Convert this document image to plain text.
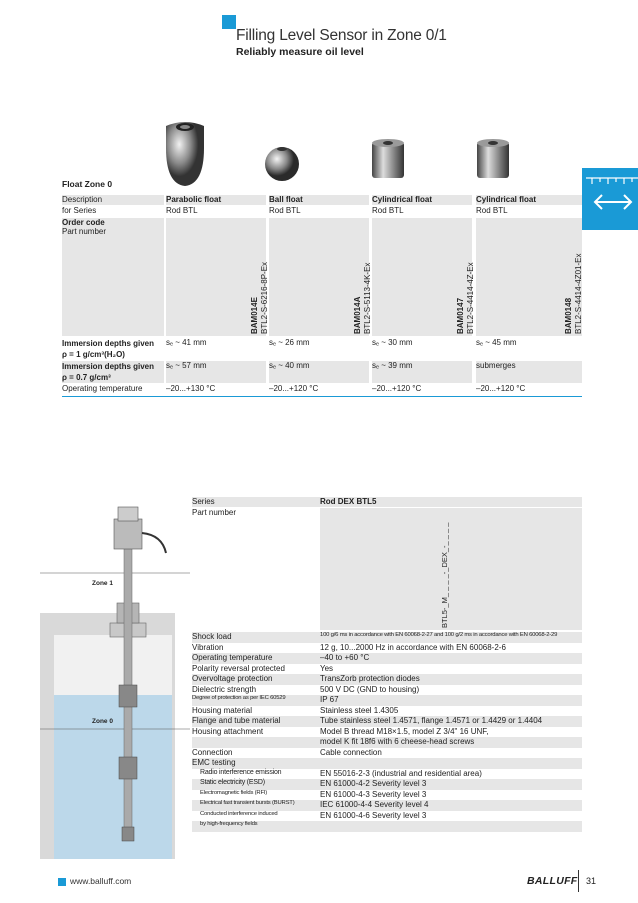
Filling Level Sensor in Zone 0/1
Reliably measure oil level
Float Zone 0
Description	Parabolic float	Ball float	Cylindrical float	Cylindrical float
for Series	Rod BTL	Rod BTL	Rod BTL	Rod BTL
Order code
Part number
BAM014E BTL2-S-6216-8P-Ex	BAM014A BTL2-S-5113-4K-Ex	BAM0147 BTL2-S-4414-4Z-Ex	BAM0148 BTL2-S-4414-4Z01-Ex
Immersion depths given
ρ = 1 g/cm³(H₂O)
sₑ ~ 41 mm	sₑ ~ 26 mm	sₑ ~ 30 mm	sₑ ~ 45 mm
Immersion depths given
ρ = 0.7 g/cm³
sₑ ~ 57 mm	sₑ ~ 40 mm	sₑ ~ 39 mm	submerges
Operating temperature	–20...+130 °C	–20...+120 °C	–20...+120 °C	–20...+120 °C
Zone 1
Zone 0
Series	Rod DEX BTL5
Part number
BTL5-_M_ _ _ _-_DEX_-_ _ _ _
Shock load	100 g/6 ms in accordance with EN 60068-2-27 and 100 g/2 ms in accordance with EN 60068-2-29
Vibration	12 g, 10...2000 Hz in accordance with EN 60068-2-6
Operating temperature	–40 to +60 °C
Polarity reversal protected	Yes
Overvoltage protection	TransZorb protection diodes
Dielectric strength	500 V DC (GND to housing)
Degree of protection as per IEC 60529	IP 67
Housing material	Stainless steel 1.4305
Flange and tube material	Tube stainless steel 1.4571, flange 1.4571 or 1.4429 or 1.4404
Housing attachment	Model B thread M18×1.5, model Z 3/4" 16 UNF,
model K fit 18f6 with 6 cheese-head screws
Connection	Cable connection
EMC testing
Radio interference emission	EN 55016-2-3 (industrial and residential area)
Static electricity (ESD)	EN 61000-4-2 Severity level 3
Electromagnetic fields (RFI)	EN 61000-4-3 Severity level 3
Electrical fast transient bursts (BURST)	IEC 61000-4-4 Severity level 4
Conducted interference induced	EN 61000-4-6 Severity level 3
by high-frequency fields
www.balluff.com	BALLUFF 31
